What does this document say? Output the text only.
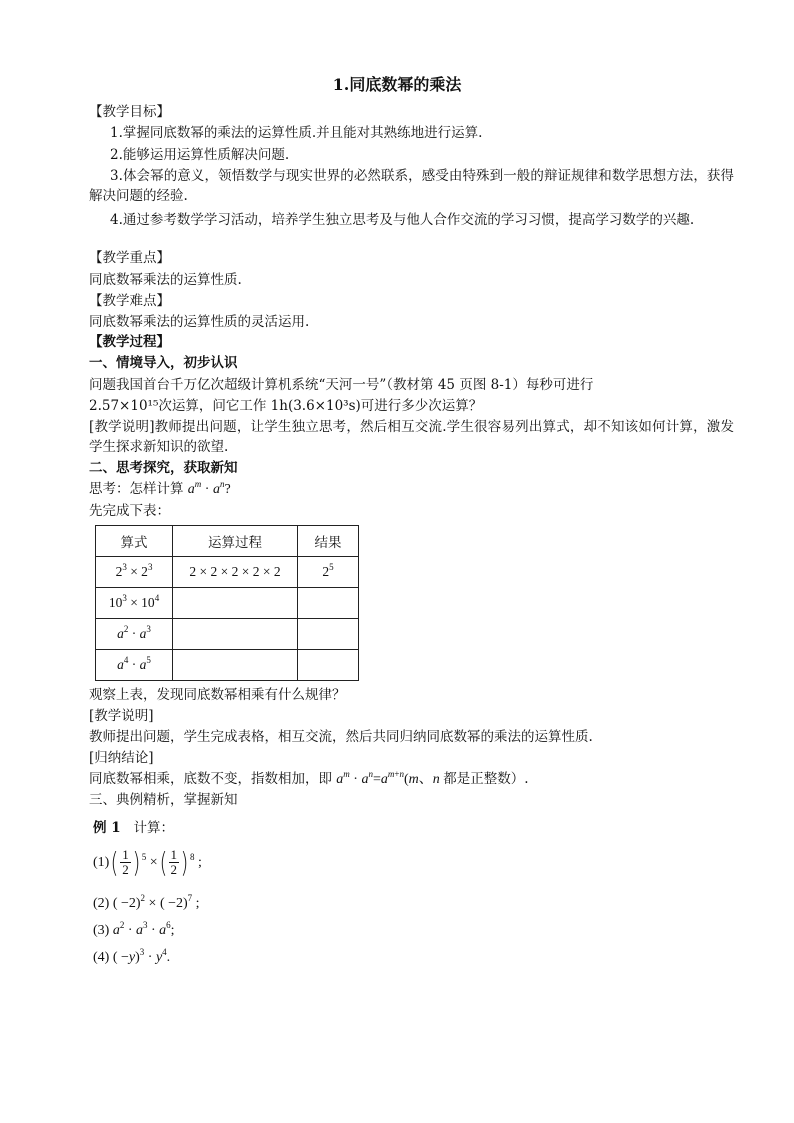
1.同底数幂的乘法
【教学目标】
1.掌握同底数幂的乘法的运算性质.并且能对其熟练地进行运算.
2.能够运用运算性质解决问题.
3.体会幂的意义，领悟数学与现实世界的必然联系，感受由特殊到一般的辩证规律和数学思想方法，获得解决问题的经验.
4.通过参考数学学习活动，培养学生独立思考及与他人合作交流的学习习惯，提高学习数学的兴趣.
【教学重点】
同底数幂乘法的运算性质.
【教学难点】
同底数幂乘法的运算性质的灵活运用.
【教学过程】
一、情境导入，初步认识
问题我国首台千万亿次超级计算机系统“天河一号”（教材第 45 页图 8-1）每秒可进行
2.57×10¹⁵次运算，问它工作 1h(3.6×10³s)可进行多少次运算？
[教学说明]教师提出问题，让学生独立思考，然后相互交流.学生很容易列出算式，却不知该如何计算，激发学生探求新知识的欲望.
二、思考探究，获取新知
思考：怎样计算 $a^m \cdot a^n$?
先完成下表：
算式	运算过程	结果
$2^3 \times 2^3$	2 × 2 × 2 × 2 × 2	$2^5$
$10^3 \times 10^4$		
$a^2 \cdot a^3$		
$a^4 \cdot a^5$		
观察上表，发现同底数幂相乘有什么规律？
[教学说明]
教师提出问题，学生完成表格，相互交流，然后共同归纳同底数幂的乘法的运算性质.
[归纳结论]
同底数幂相乘，底数不变，指数相加，即 $a^m \cdot a^n=a^{m+n}(m$、n 都是正整数）.
三、典例精析，掌握新知
例 1 计算：
$(1)( \frac{1}{2}$ ) $^5$ ×( $\frac{1}{2}$ ) $^8$ ;
(2) ( −2)$^2$ × ( −2)$^7$ ;
(3) $a^2 \cdot a^3 \cdot a^6$;
(4) ( $-y)^3 \cdot y^4$.
